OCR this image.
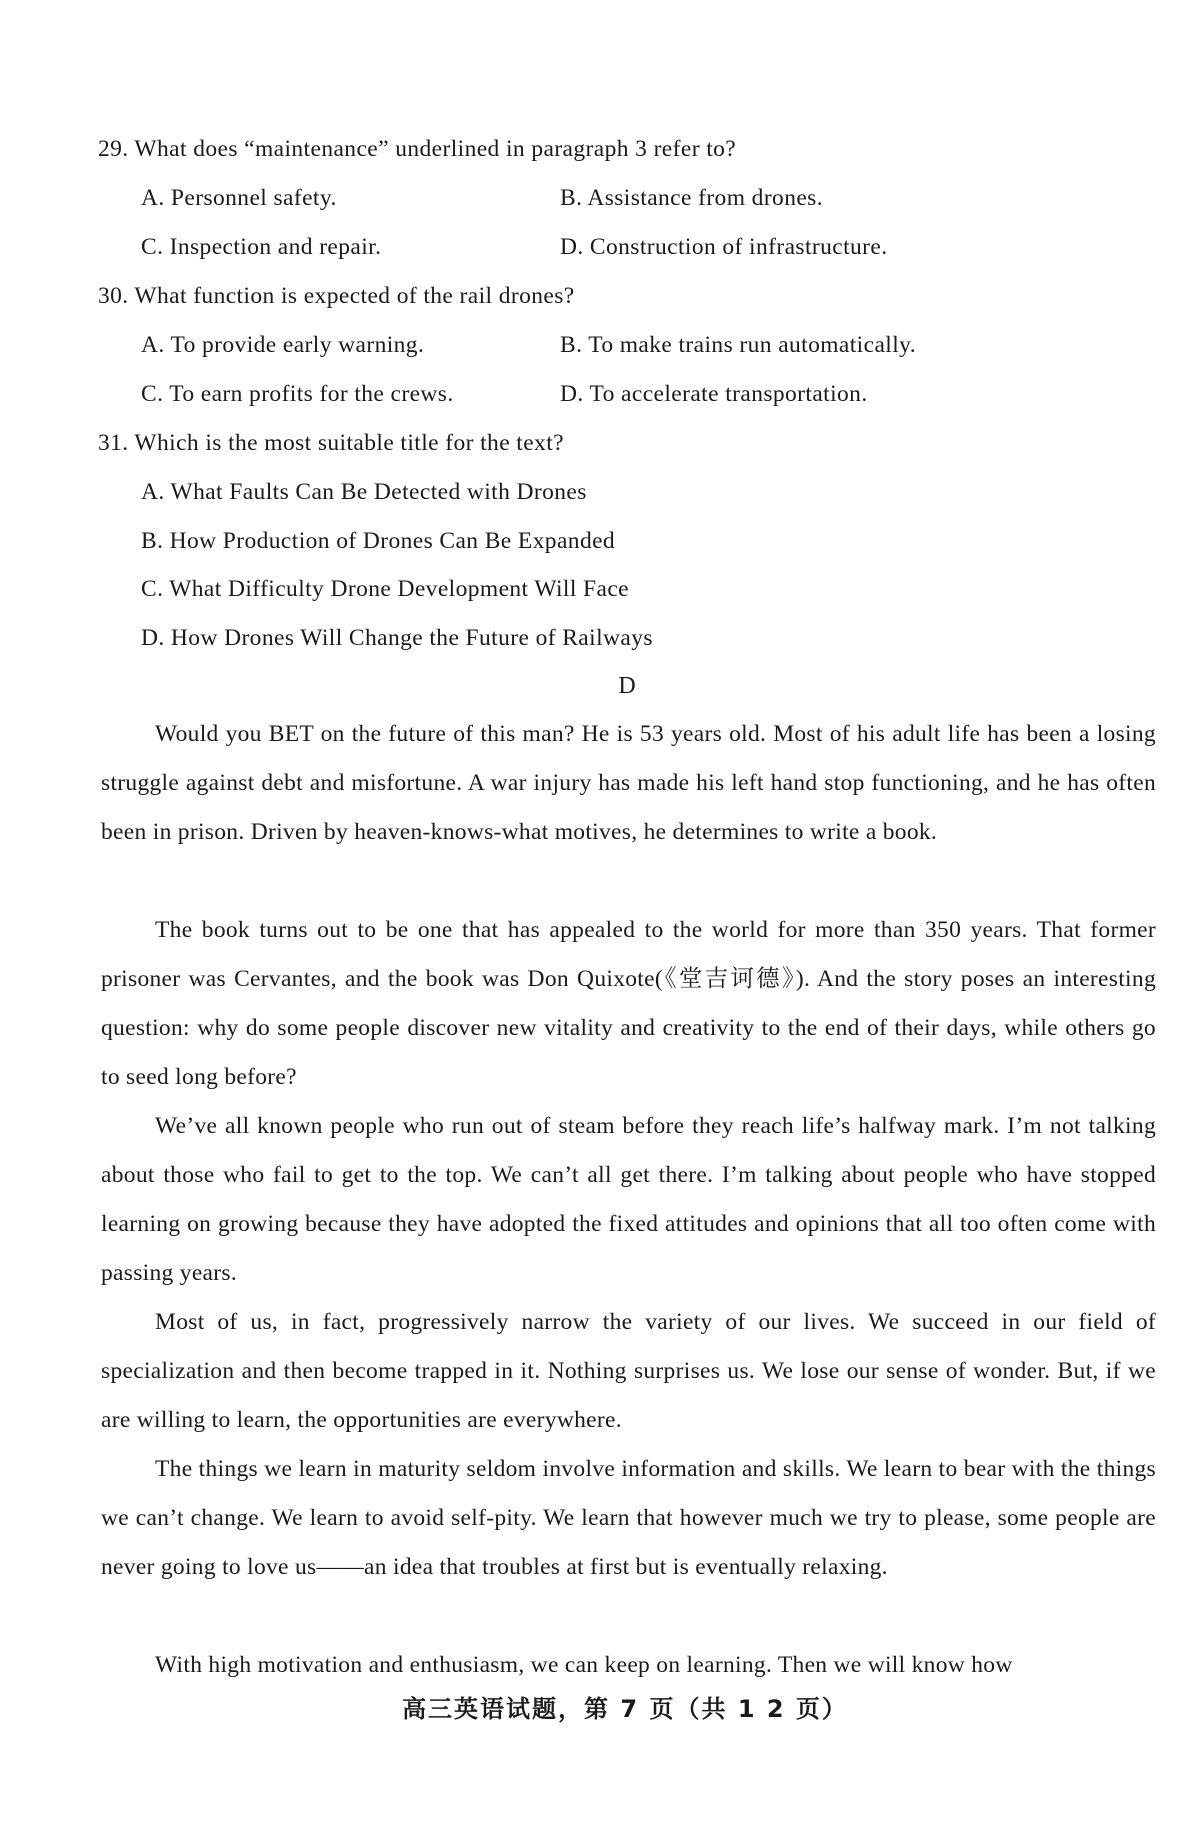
29. What does “maintenance” underlined in paragraph 3 refer to?
A. Personnel safety.	B. Assistance from drones.
C. Inspection and repair.	D. Construction of infrastructure.
30. What function is expected of the rail drones?
A. To provide early warning.	B. To make trains run automatically.
C. To earn profits for the crews.	D. To accelerate transportation.
31. Which is the most suitable title for the text?
A. What Faults Can Be Detected with Drones
B. How Production of Drones Can Be Expanded
C. What Difficulty Drone Development Will Face
D. How Drones Will Change the Future of Railways
D

Would you BET on the future of this man? He is 53 years old. Most of his adult life has been a losing struggle against debt and misfortune. A war injury has made his left hand stop functioning, and he has often been in prison. Driven by heaven-knows-what motives, he determines to write a book.

The book turns out to be one that has appealed to the world for more than 350 years. That former prisoner was Cervantes, and the book was Don Quixote(《堂吉诃德》). And the story poses an interesting question: why do some people discover new vitality and creativity to the end of their days, while others go to seed long before?

We’ve all known people who run out of steam before they reach life’s halfway mark. I’m not talking about those who fail to get to the top. We can’t all get there. I’m talking about people who have stopped learning on growing because they have adopted the fixed attitudes and opinions that all too often come with passing years.

Most of us, in fact, progressively narrow the variety of our lives. We succeed in our field of specialization and then become trapped in it. Nothing surprises us. We lose our sense of wonder. But, if we are willing to learn, the opportunities are everywhere.

The things we learn in maturity seldom involve information and skills. We learn to bear with the things we can’t change. We learn to avoid self-pity. We learn that however much we try to please, some people are never going to love us——an idea that troubles at first but is eventually relaxing.

With high motivation and enthusiasm, we can keep on learning. Then we will know how

高三英语试题，第 7 页（共 1 2 页）
